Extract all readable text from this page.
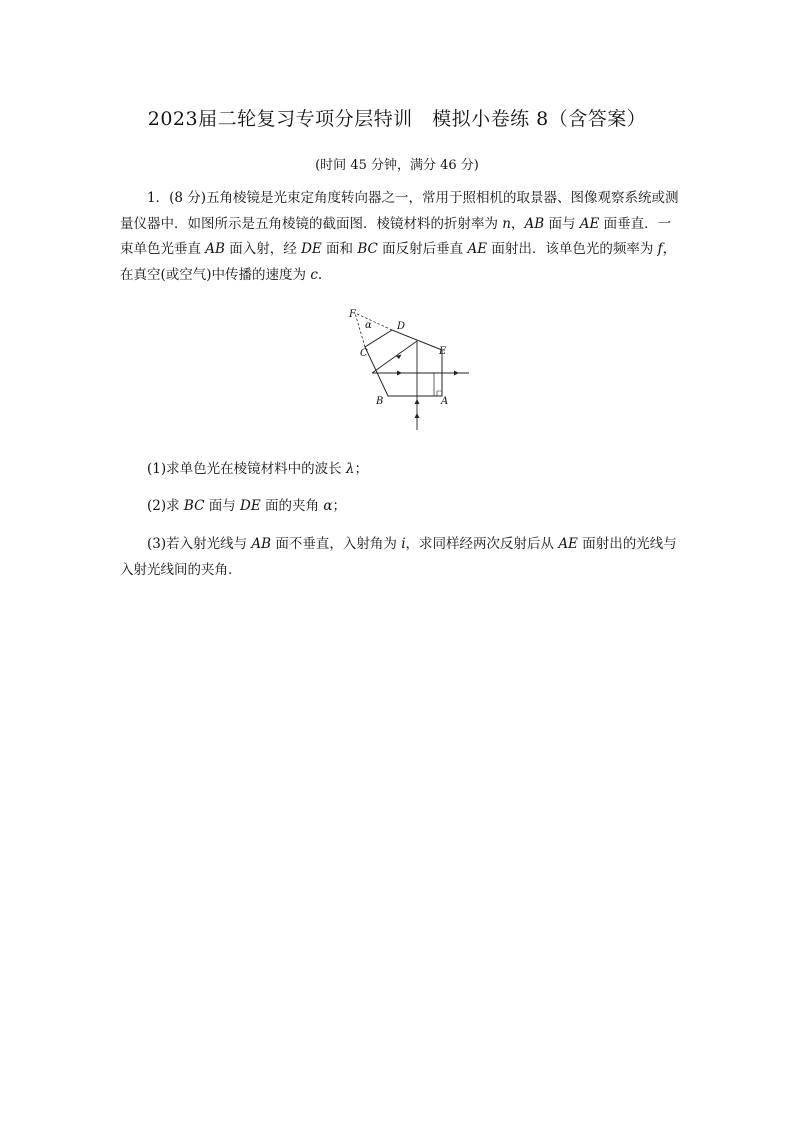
2023届二轮复习专项分层特训　模拟小卷练 8（含答案）
(时间 45 分钟，满分 46 分)
1．(8 分)五角棱镜是光束定角度转向器之一，常用于照相机的取景器、图像观察系统或测量仪器中．如图所示是五角棱镜的截面图．棱镜材料的折射率为 n，AB 面与 AE 面垂直．一束单色光垂直 AB 面入射，经 DE 面和 BC 面反射后垂直 AE 面射出．该单色光的频率为 f，在真空(或空气)中传播的速度为 c.
F
α	D
C	E
B	A
(1)求单色光在棱镜材料中的波长 λ；
(2)求 BC 面与 DE 面的夹角 α；
(3)若入射光线与 AB 面不垂直，入射角为 i，求同样经两次反射后从 AE 面射出的光线与入射光线间的夹角．
